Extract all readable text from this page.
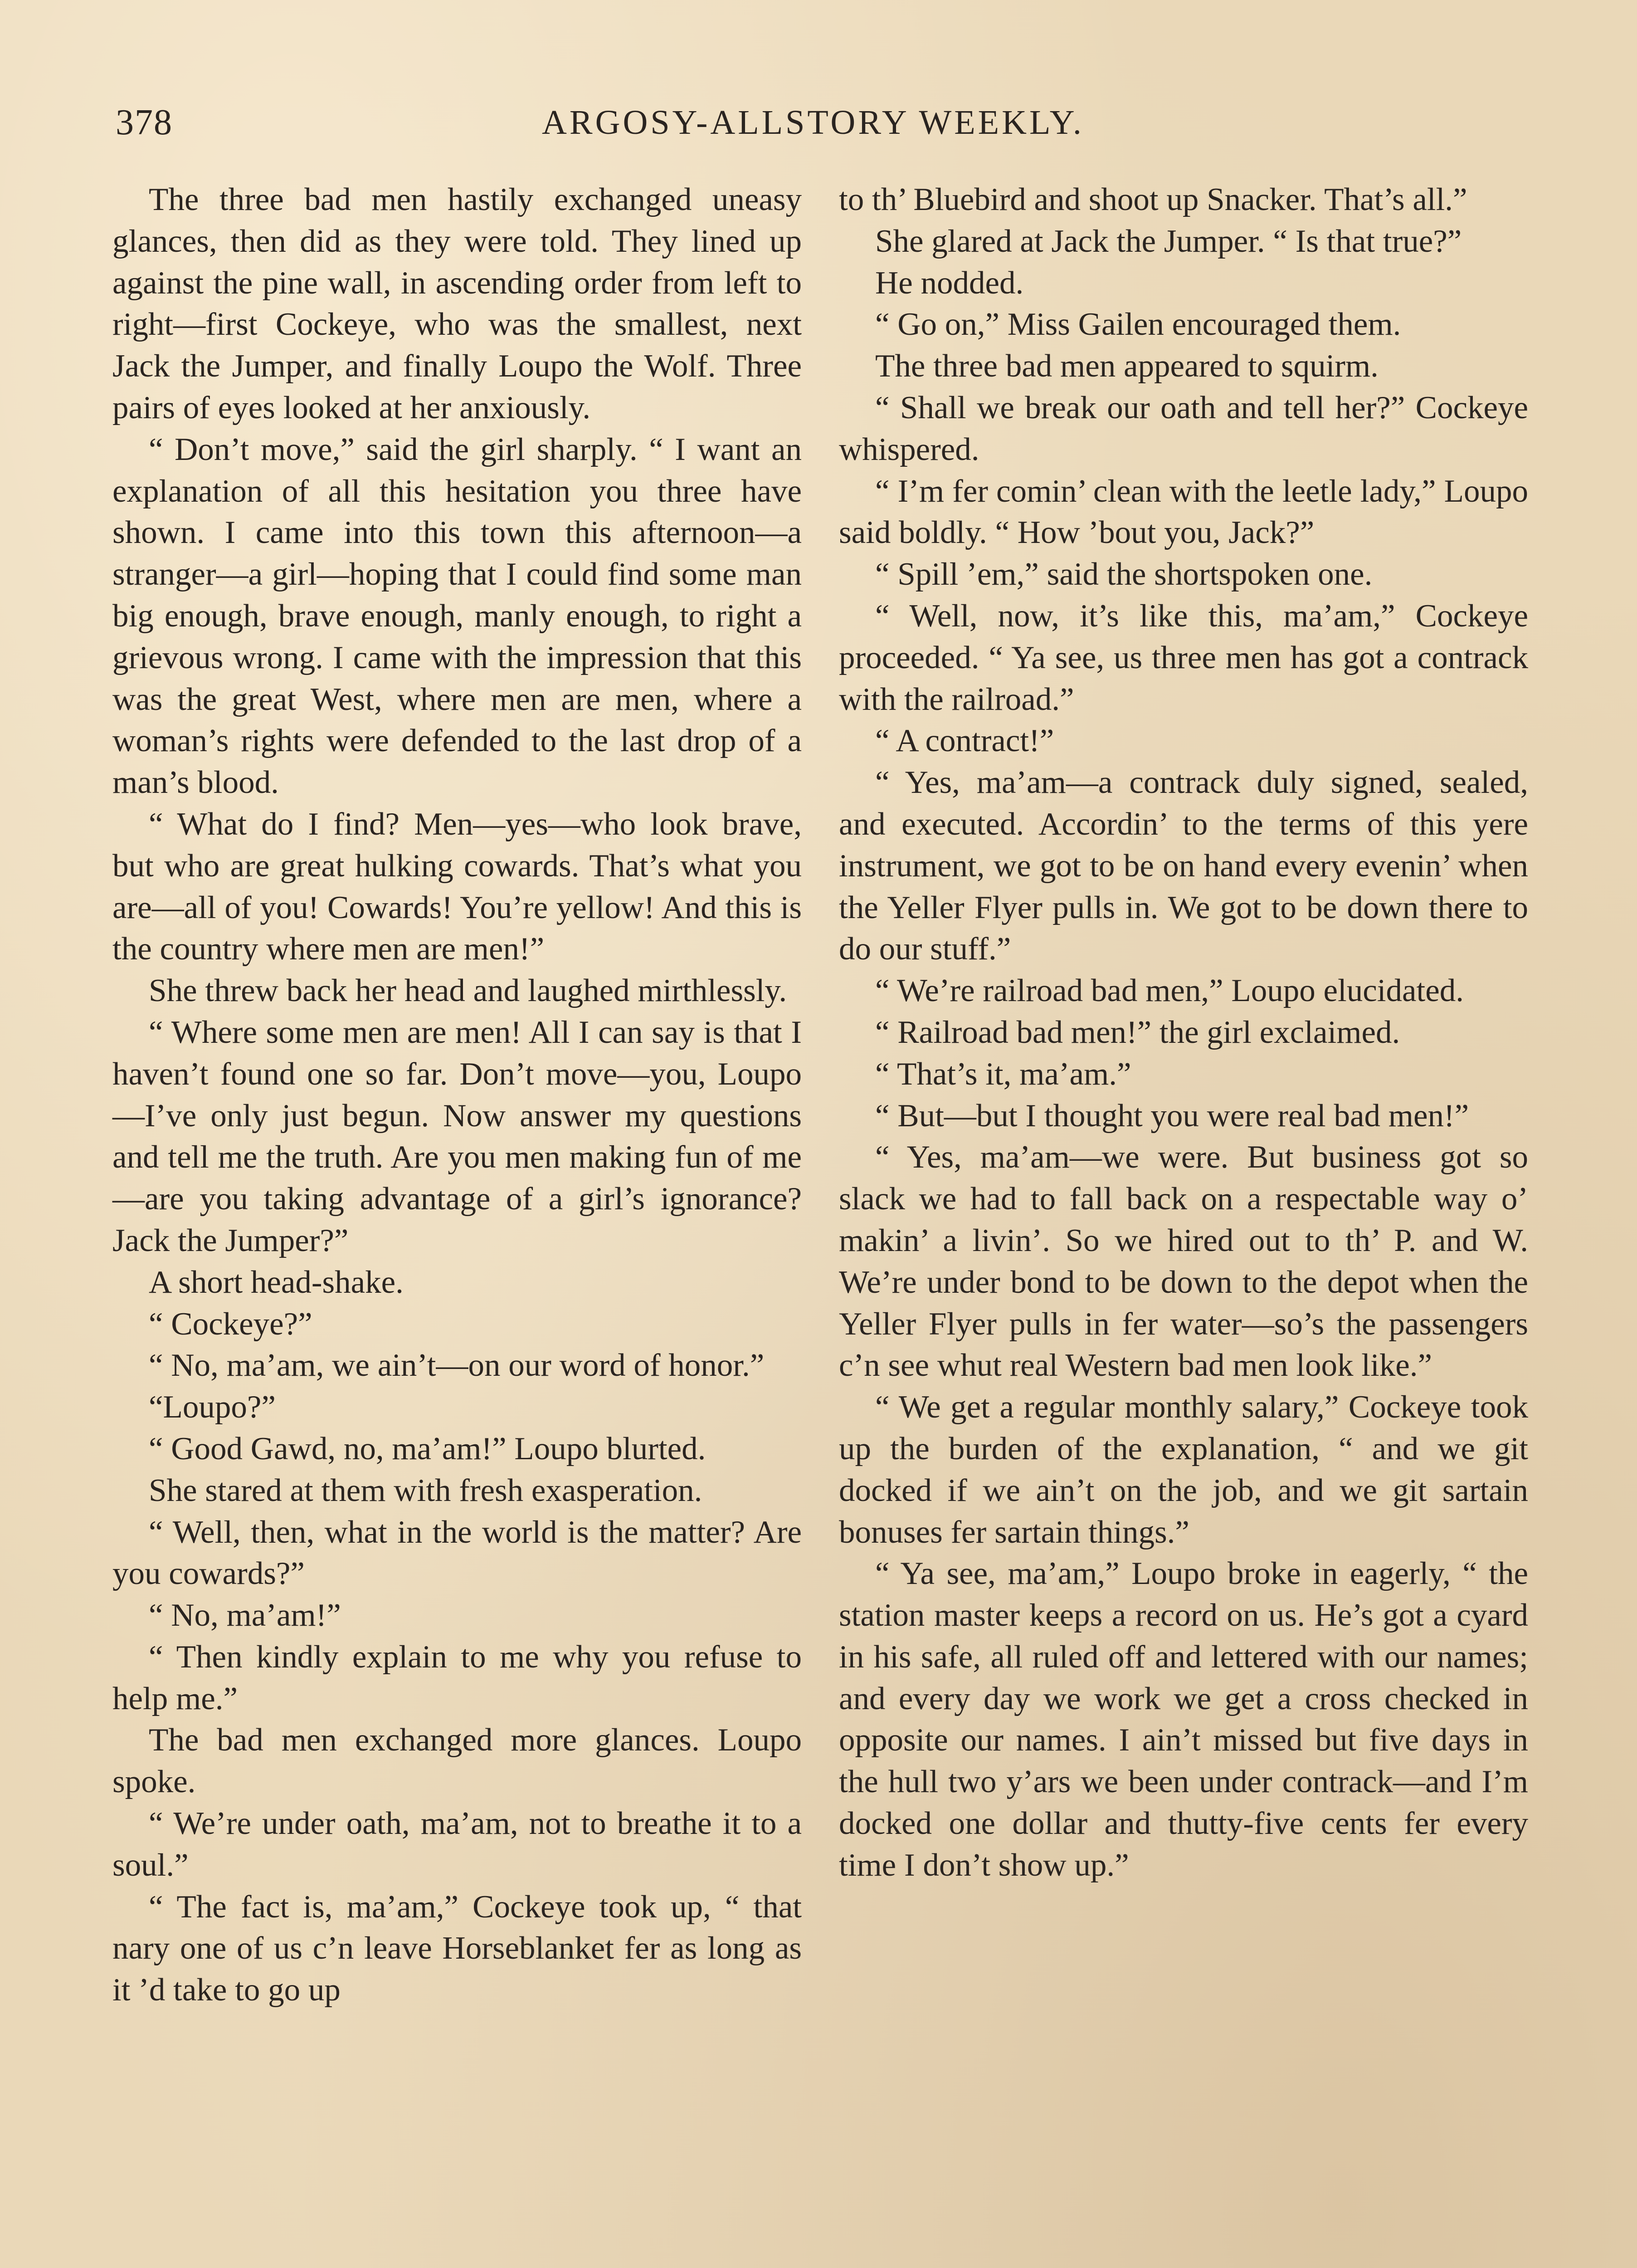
378	ARGOSY-ALLSTORY WEEKLY.

The three bad men hastily exchanged uneasy glances, then did as they were told. They lined up against the pine wall, in ascending order from left to right—first Cockeye, who was the smallest, next Jack the Jumper, and finally Loupo the Wolf. Three pairs of eyes looked at her anxiously.

“ Don’t move,” said the girl sharply. “ I want an explanation of all this hesitation you three have shown. I came into this town this afternoon—a stranger—a girl—hoping that I could find some man big enough, brave enough, manly enough, to right a grievous wrong. I came with the impression that this was the great West, where men are men, where a woman’s rights were defended to the last drop of a man’s blood.

“ What do I find? Men—yes—who look brave, but who are great hulking cowards. That’s what you are—all of you! Cowards! You’re yellow! And this is the country where men are men!”

She threw back her head and laughed mirthlessly.

“ Where some men are men! All I can say is that I haven’t found one so far. Don’t move—you, Loupo—I’ve only just begun. Now answer my questions and tell me the truth. Are you men making fun of me—are you taking advantage of a girl’s ignorance? Jack the Jumper?”

A short head-shake.

“ Cockeye?”

“ No, ma’am, we ain’t—on our word of honor.”

“Loupo?”

“ Good Gawd, no, ma’am!” Loupo blurted.

She stared at them with fresh exasperation.

“ Well, then, what in the world is the matter? Are you cowards?”

“ No, ma’am!”

“ Then kindly explain to me why you refuse to help me.”

The bad men exchanged more glances. Loupo spoke.

“ We’re under oath, ma’am, not to breathe it to a soul.”

“ The fact is, ma’am,” Cockeye took up, “ that nary one of us c’n leave Horseblanket fer as long as it ’d take to go up

to th’ Bluebird and shoot up Snacker. That’s all.”

She glared at Jack the Jumper. “ Is that true?”

He nodded.

“ Go on,” Miss Gailen encouraged them.

The three bad men appeared to squirm.

“ Shall we break our oath and tell her?” Cockeye whispered.

“ I’m fer comin’ clean with the leetle lady,” Loupo said boldly. “ How ’bout you, Jack?”

“ Spill ’em,” said the shortspoken one.

“ Well, now, it’s like this, ma’am,” Cockeye proceeded. “ Ya see, us three men has got a contrack with the railroad.”

“ A contract!”

“ Yes, ma’am—a contrack duly signed, sealed, and executed. Accordin’ to the terms of this yere instrument, we got to be on hand every evenin’ when the Yeller Flyer pulls in. We got to be down there to do our stuff.”

“ We’re railroad bad men,” Loupo elucidated.

“ Railroad bad men!” the girl exclaimed.

“ That’s it, ma’am.”

“ But—but I thought you were real bad men!”

“ Yes, ma’am—we were. But business got so slack we had to fall back on a respectable way o’ makin’ a livin’. So we hired out to th’ P. and W. We’re under bond to be down to the depot when the Yeller Flyer pulls in fer water—so’s the passengers c’n see whut real Western bad men look like.”

“ We get a regular monthly salary,” Cockeye took up the burden of the explanation, “ and we git docked if we ain’t on the job, and we git sartain bonuses fer sartain things.”

“ Ya see, ma’am,” Loupo broke in eagerly, “ the station master keeps a record on us. He’s got a cyard in his safe, all ruled off and lettered with our names; and every day we work we get a cross checked in opposite our names. I ain’t missed but five days in the hull two y’ars we been under contrack—and I’m docked one dollar and thutty-five cents fer every time I don’t show up.”
